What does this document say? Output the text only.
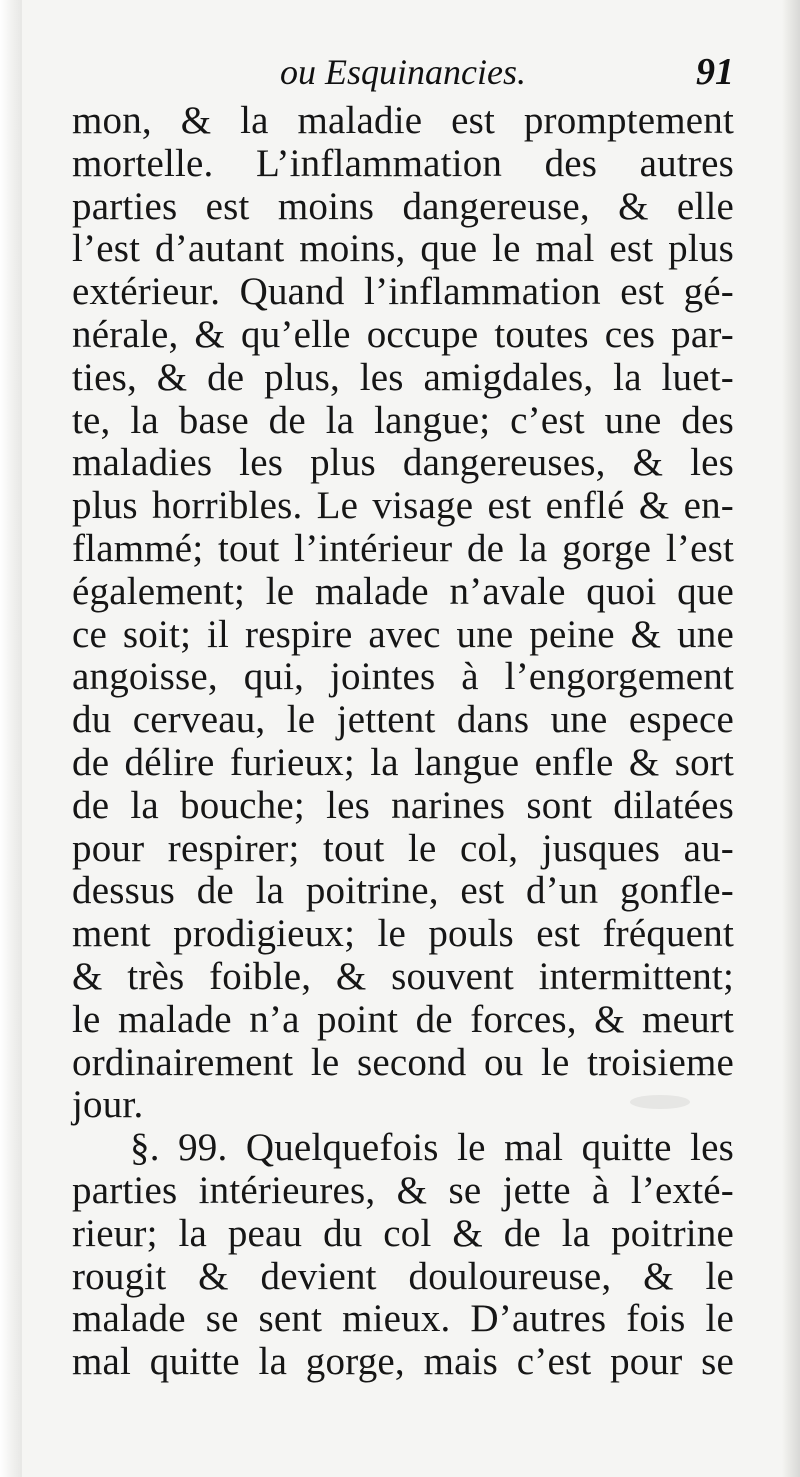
ou Esquinancies.	91
mon, & la maladie est promptement
mortelle. L’inflammation des autres
parties est moins dangereuse, & elle
l’est d’autant moins, que le mal est plus
extérieur. Quand l’inflammation est gé-
nérale, & qu’elle occupe toutes ces par-
ties, & de plus, les amigdales, la luet-
te, la base de la langue; c’est une des
maladies les plus dangereuses, & les
plus horribles. Le visage est enflé & en-
flammé; tout l’intérieur de la gorge l’est
également; le malade n’avale quoi que
ce soit; il respire avec une peine & une
angoisse, qui, jointes à l’engorgement
du cerveau, le jettent dans une espece
de délire furieux; la langue enfle & sort
de la bouche; les narines sont dilatées
pour respirer; tout le col, jusques au-
dessus de la poitrine, est d’un gonfle-
ment prodigieux; le pouls est fréquent
& très foible, & souvent intermittent;
le malade n’a point de forces, & meurt
ordinairement le second ou le troisieme
jour.
§. 99. Quelquefois le mal quitte les
parties intérieures, & se jette à l’exté-
rieur; la peau du col & de la poitrine
rougit & devient douloureuse, & le
malade se sent mieux. D’autres fois le
mal quitte la gorge, mais c’est pour se
